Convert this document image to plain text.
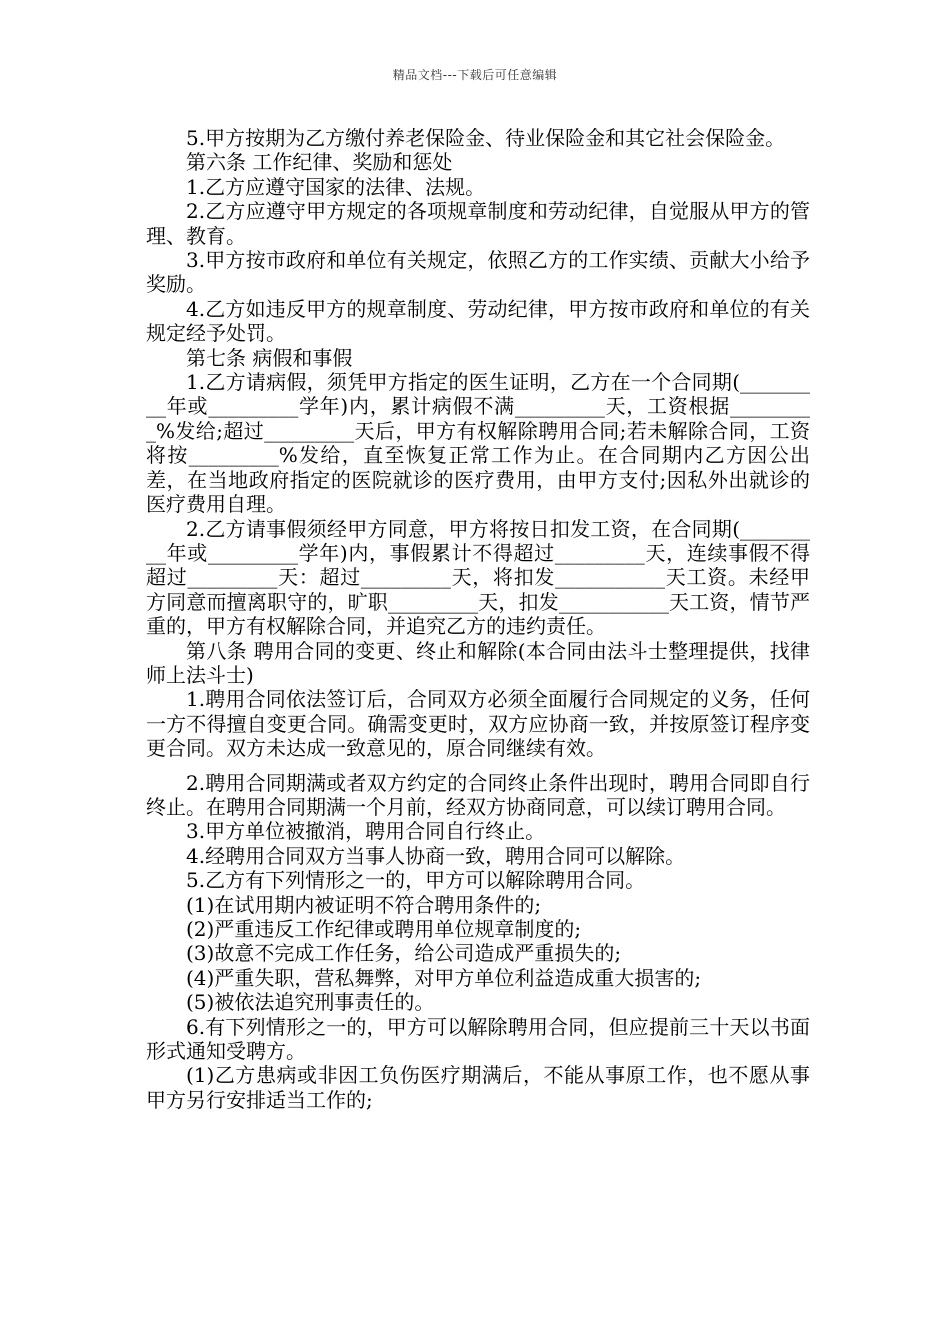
精品文档---下载后可任意编辑

5.甲方按期为乙方缴付养老保险金、待业保险金和其它社会保险金。

第六条 工作纪律、奖励和惩处

1.乙方应遵守国家的法律、法规。

2.乙方应遵守甲方规定的各项规章制度和劳动纪律，自觉服从甲方的管理、教育。

3.甲方按市政府和单位有关规定，依照乙方的工作实绩、贡献大小给予奖励。

4.乙方如违反甲方的规章制度、劳动纪律，甲方按市政府和单位的有关规定经予处罚。

第七条 病假和事假

1.乙方请病假，须凭甲方指定的医生证明，乙方在一个合同期(_________年或_________学年)内，累计病假不满_________天，工资根据_________%发给;超过_________天后，甲方有权解除聘用合同;若未解除合同，工资将按_________%发给，直至恢复正常工作为止。在合同期内乙方因公出差，在当地政府指定的医院就诊的医疗费用，由甲方支付;因私外出就诊的医疗费用自理。

2.乙方请事假须经甲方同意，甲方将按日扣发工资，在合同期(_________年或_________学年)内，事假累计不得超过_________天，连续事假不得超过_________天：超过_________天，将扣发___________天工资。未经甲方同意而擅离职守的，旷职_________天，扣发___________天工资，情节严重的，甲方有权解除合同，并追究乙方的违约责任。

第八条 聘用合同的变更、终止和解除(本合同由法斗士整理提供，找律师上法斗士)

1.聘用合同依法签订后，合同双方必须全面履行合同规定的义务，任何一方不得擅自变更合同。确需变更时，双方应协商一致，并按原签订程序变更合同。双方未达成一致意见的，原合同继续有效。

2.聘用合同期满或者双方约定的合同终止条件出现时，聘用合同即自行终止。在聘用合同期满一个月前，经双方协商同意，可以续订聘用合同。

3.甲方单位被撤消，聘用合同自行终止。

4.经聘用合同双方当事人协商一致，聘用合同可以解除。

5.乙方有下列情形之一的，甲方可以解除聘用合同。

(1)在试用期内被证明不符合聘用条件的;

(2)严重违反工作纪律或聘用单位规章制度的;

(3)故意不完成工作任务，给公司造成严重损失的;

(4)严重失职，营私舞弊，对甲方单位利益造成重大损害的;

(5)被依法追究刑事责任的。

6.有下列情形之一的，甲方可以解除聘用合同，但应提前三十天以书面形式通知受聘方。

(1)乙方患病或非因工负伤医疗期满后，不能从事原工作，也不愿从事甲方另行安排适当工作的;
